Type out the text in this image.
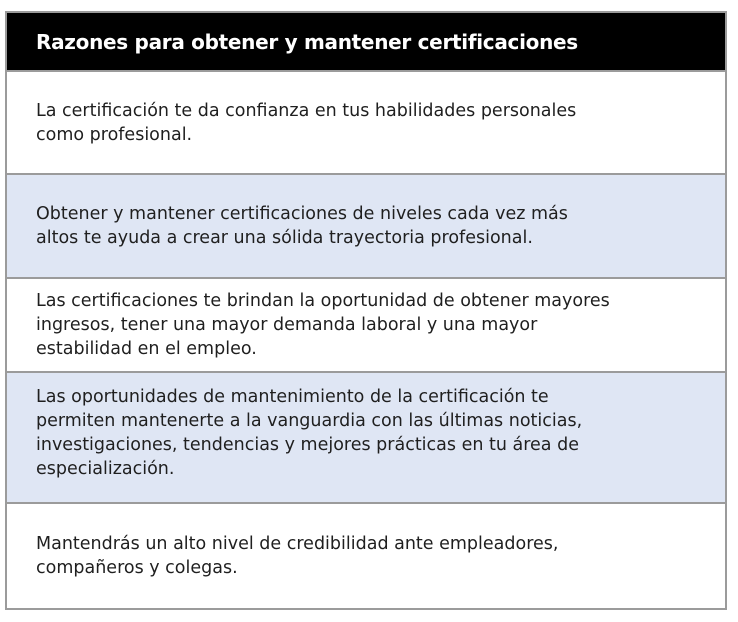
Razones para obtener y mantener certificaciones
La certificación te da confianza en tus habilidades personales
como profesional.
Obtener y mantener certificaciones de niveles cada vez más
altos te ayuda a crear una sólida trayectoria profesional.
Las certificaciones te brindan la oportunidad de obtener mayores
ingresos, tener una mayor demanda laboral y una mayor
estabilidad en el empleo.
Las oportunidades de mantenimiento de la certificación te
permiten mantenerte a la vanguardia con las últimas noticias,
investigaciones, tendencias y mejores prácticas en tu área de
especialización.
Mantendrás un alto nivel de credibilidad ante empleadores,
compañeros y colegas.
